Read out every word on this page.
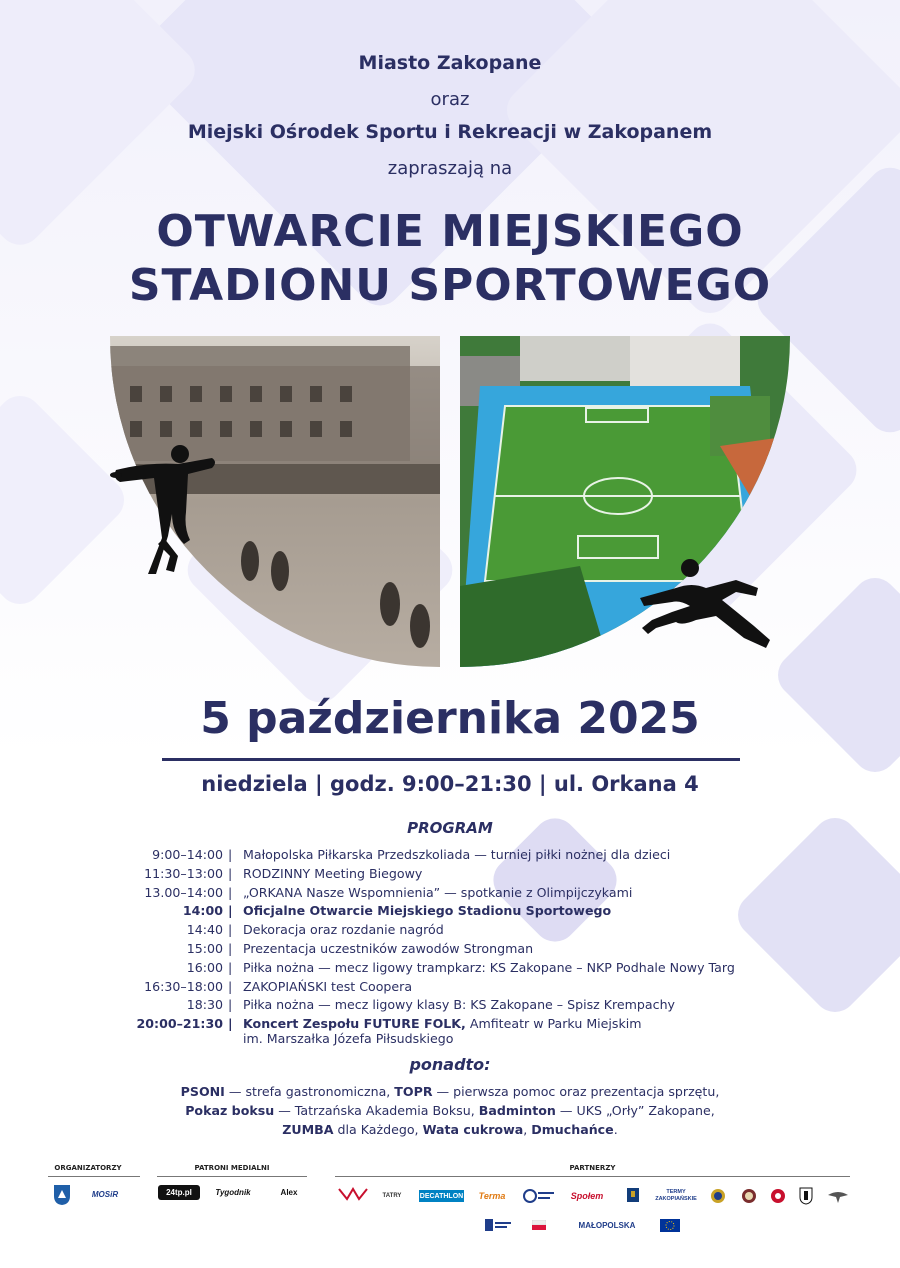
Miasto Zakopane
oraz
Miejski Ośrodek Sportu i Rekreacji w Zakopanem
zapraszają na
OTWARCIE MIEJSKIEGO
STADIONU SPORTOWEGO
5 października 2025
niedziela | godz. 9:00–21:30 | ul. Orkana 4
PROGRAM
9:00–14:00 | Małopolska Piłkarska Przedszkoliada — turniej piłki nożnej dla dzieci
11:30–13:00 | RODZINNY Meeting Biegowy
13.00–14:00 | „ORKANA Nasze Wspomnienia” — spotkanie z Olimpijczykami
14:00 | Oficjalne Otwarcie Miejskiego Stadionu Sportowego
14:40 | Dekoracja oraz rozdanie nagród
15:00 | Prezentacja uczestników zawodów Strongman
16:00 | Piłka nożna — mecz ligowy trampkarz: KS Zakopane – NKP Podhale Nowy Targ
16:30–18:00 | ZAKOPIAŃSKI test Coopera
18:30 | Piłka nożna — mecz ligowy klasy B: KS Zakopane – Spisz Krempachy
20:00–21:30 | Koncert Zespołu FUTURE FOLK, Amfiteatr w Parku Miejskim
im. Marszałka Józefa Piłsudskiego
ponadto:
PSONI — strefa gastronomiczna, TOPR — pierwsza pomoc oraz prezentacja sprzętu,
Pokaz boksu — Tatrzańska Akademia Boksu, Badminton — UKS „Orły” Zakopane,
ZUMBA dla Każdego, Wata cukrowa, Dmuchańce.
ORGANIZATORZY	PATRONI MEDIALNI	PARTNERZY
MOSiR	24tp.pl	Tygodnik	Alex	TATRY	DECATHLON	Terma	Społem	TERMY ZAKOPIAŃSKIE
MAŁOPOLSKA
